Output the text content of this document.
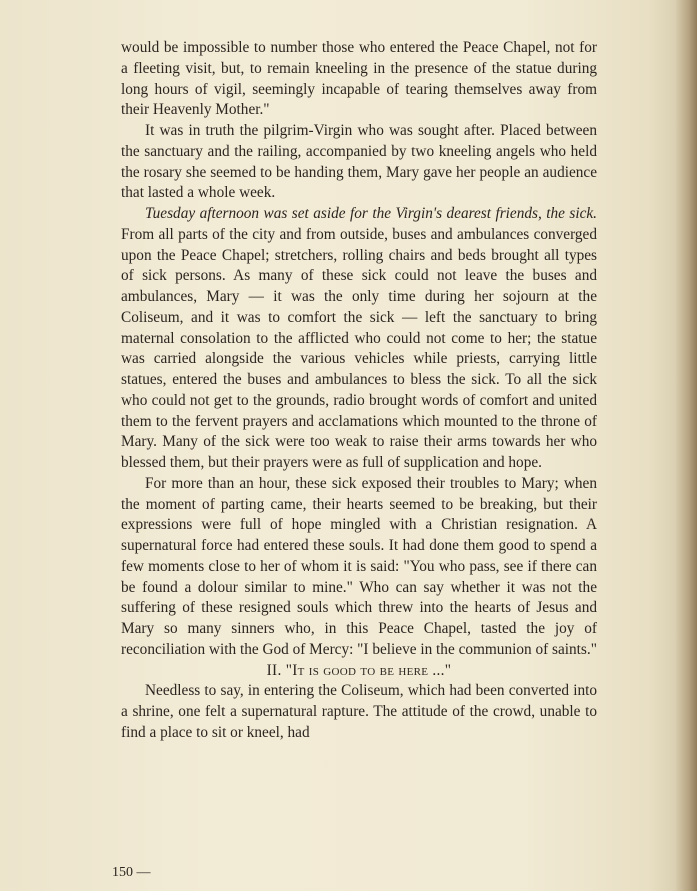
would be impossible to number those who entered the Peace Chapel, not for a fleeting visit, but, to remain kneeling in the presence of the statue during long hours of vigil, seemingly incapable of tearing themselves away from their Heavenly Mother."

It was in truth the pilgrim-Virgin who was sought after. Placed between the sanctuary and the railing, accompanied by two kneeling angels who held the rosary she seemed to be handing them, Mary gave her people an audience that lasted a whole week.

Tuesday afternoon was set aside for the Virgin's dearest friends, the sick. From all parts of the city and from outside, buses and ambulances converged upon the Peace Chapel; stretchers, rolling chairs and beds brought all types of sick persons. As many of these sick could not leave the buses and ambulances, Mary — it was the only time during her sojourn at the Coliseum, and it was to comfort the sick — left the sanctuary to bring maternal consolation to the afflicted who could not come to her; the statue was carried alongside the various vehicles while priests, carrying little statues, entered the buses and ambulances to bless the sick. To all the sick who could not get to the grounds, radio brought words of comfort and united them to the fervent prayers and acclamations which mounted to the throne of Mary. Many of the sick were too weak to raise their arms towards her who blessed them, but their prayers were as full of supplication and hope.

For more than an hour, these sick exposed their troubles to Mary; when the moment of parting came, their hearts seemed to be breaking, but their expressions were full of hope mingled with a Christian resignation. A supernatural force had entered these souls. It had done them good to spend a few moments close to her of whom it is said: "You who pass, see if there can be found a dolour similar to mine." Who can say whether it was not the suffering of these resigned souls which threw into the hearts of Jesus and Mary so many sinners who, in this Peace Chapel, tasted the joy of reconciliation with the God of Mercy: "I believe in the communion of saints."

II. "It is good to be here ..."

Needless to say, in entering the Coliseum, which had been converted into a shrine, one felt a supernatural rapture. The attitude of the crowd, unable to find a place to sit or kneel, had

150 —
